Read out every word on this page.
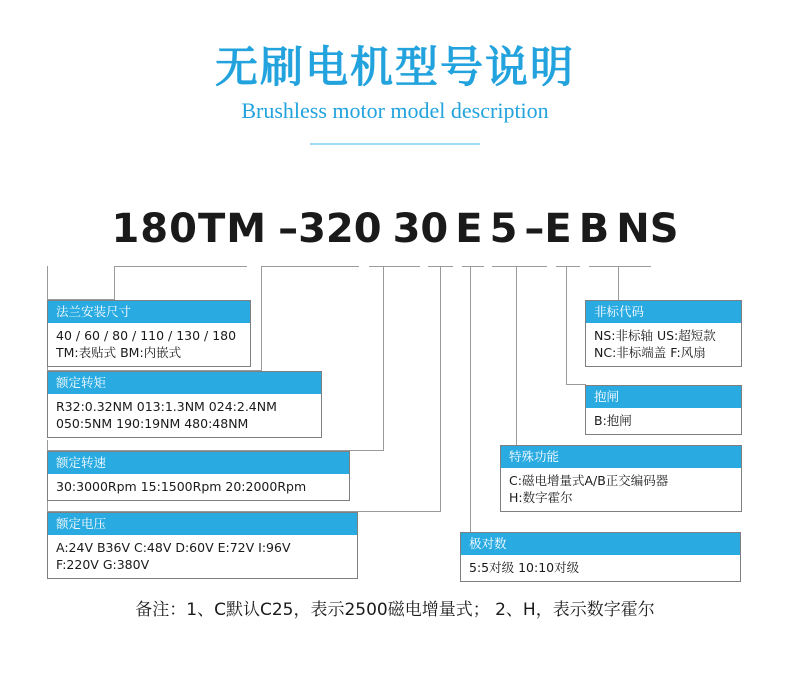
无刷电机型号说明
Brushless motor model description
180TM –320 30 E 5 –E B NS
法兰安装尺寸
40 / 60 / 80 / 110 / 130 / 180
TM:表贴式 BM:内嵌式
额定转矩
R32:0.32NM 013:1.3NM 024:2.4NM
050:5NM 190:19NM 480:48NM
额定转速
30:3000Rpm 15:1500Rpm 20:2000Rpm
额定电压
A:24V B36V C:48V D:60V E:72V I:96V
F:220V G:380V
极对数
5:5对级 10:10对级
特殊功能
C:磁电增量式A/B正交编码器
H:数字霍尔
抱闸
B:抱闸
非标代码
NS:非标轴 US:超短款
NC:非标端盖 F:风扇
备注：1、C默认C25，表示2500磁电增量式； 2、H，表示数字霍尔
